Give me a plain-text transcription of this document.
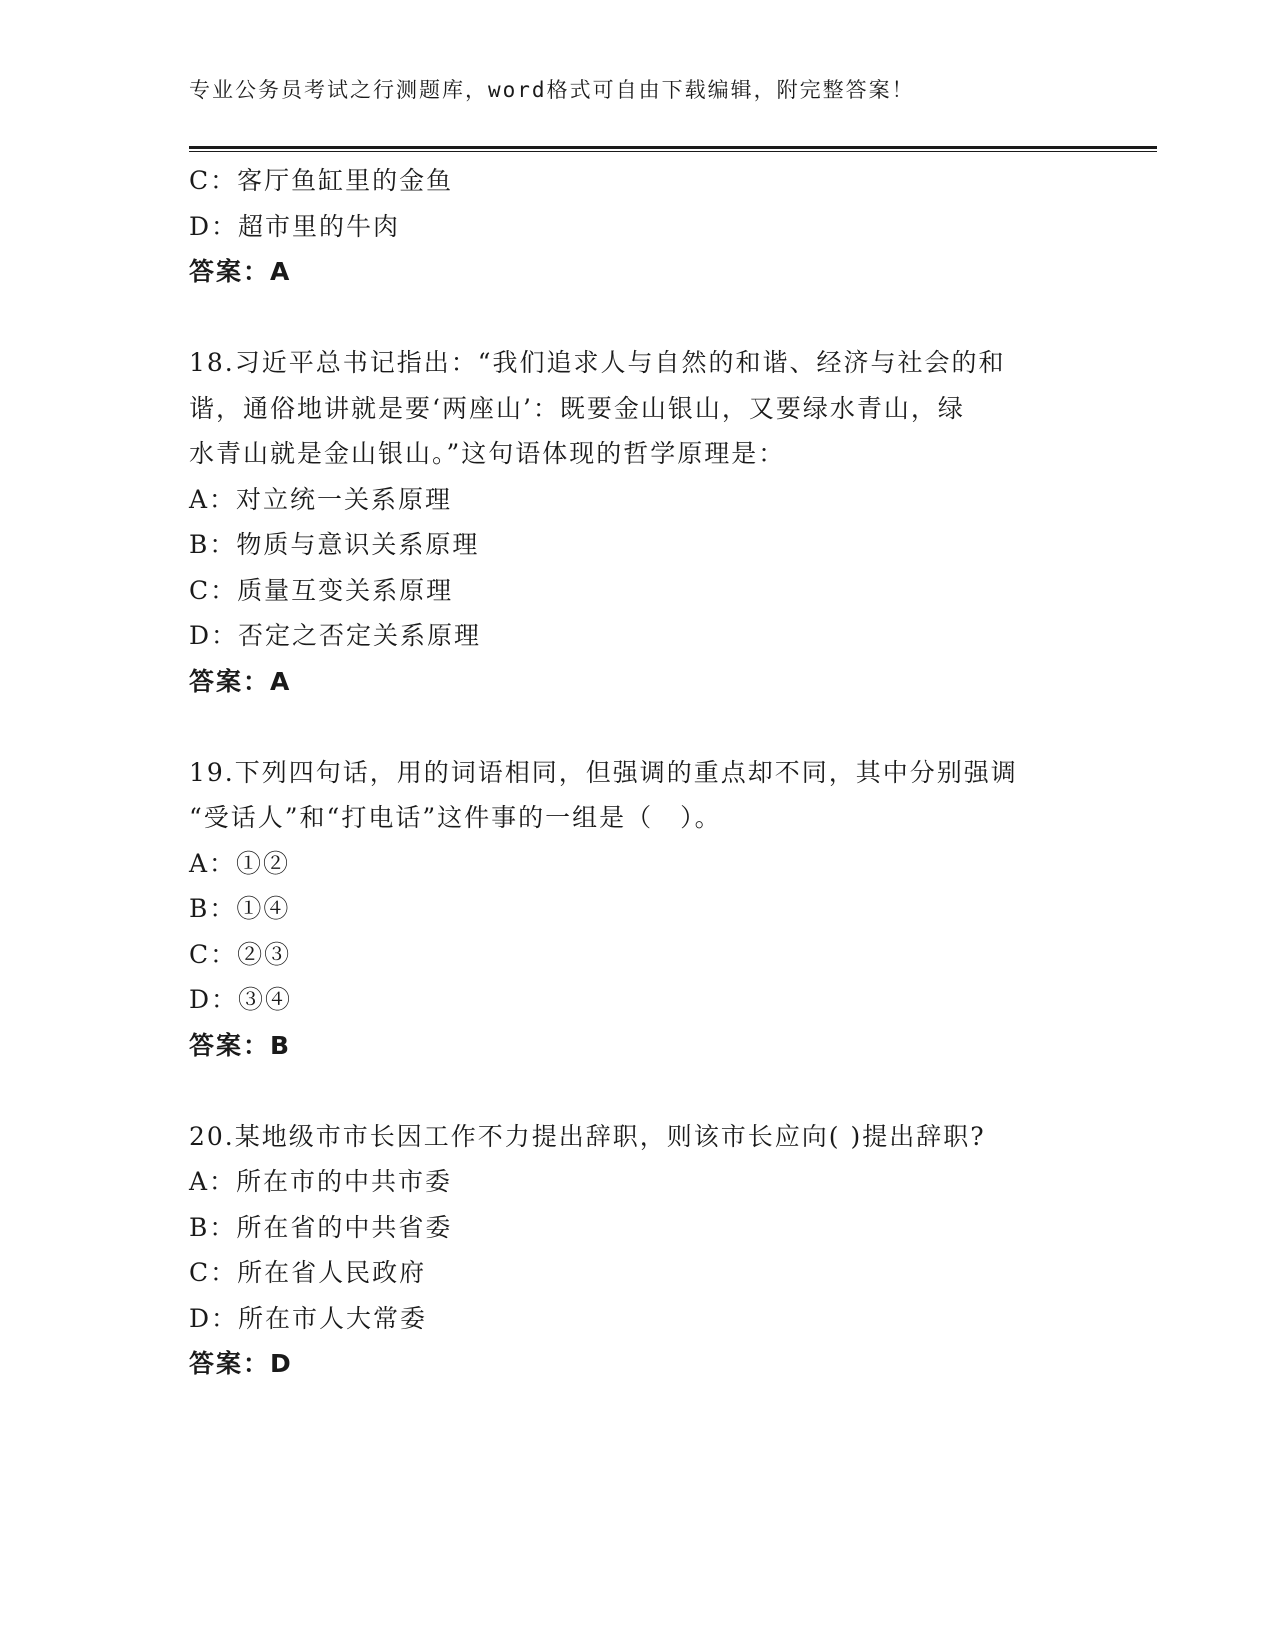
专业公务员考试之行测题库，word格式可自由下载编辑，附完整答案！
C：客厅鱼缸里的金鱼
D：超市里的牛肉
答案：A
18.习近平总书记指出：“我们追求人与自然的和谐、经济与社会的和
谐，通俗地讲就是要‘两座山’：既要金山银山，又要绿水青山，绿
水青山就是金山银山。”这句语体现的哲学原理是：
A：对立统一关系原理
B：物质与意识关系原理
C：质量互变关系原理
D：否定之否定关系原理
答案：A
19.下列四句话，用的词语相同，但强调的重点却不同，其中分别强调
“受话人”和“打电话”这件事的一组是（　）。
A：①②
B：①④
C：②③
D：③④
答案：B
20.某地级市市长因工作不力提出辞职，则该市长应向( )提出辞职?
A：所在市的中共市委
B：所在省的中共省委
C：所在省人民政府
D：所在市人大常委
答案：D
